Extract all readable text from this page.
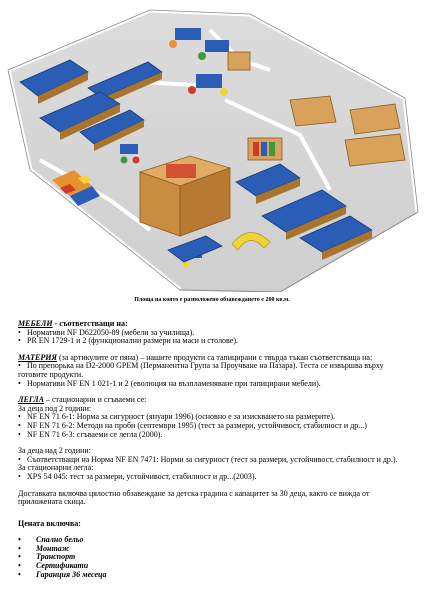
Площа на която е разположено обзавеждането е 200 кв.м.

МЕБЕЛИ - съответстващи на:

• Нормативи NF D622050-89 (мебели за училища).
• PR EN 1729-1 и 2 (функционални размери на маси и столове).

МАТЕРИЯ (за артикулите от пяна) – нашите продукти са тапицирани с твърда тъкан съответстваща на:

• По препорька на D2-2000 GPEM (Перманентна Група за Проучване на Пазара). Теста се извършва върху готовите продукти.
• Нормативи NF EN 1 021-1 и 2 (еволюция на възпламеняване при тапицирани мебели).

ЛЕГЛА – стационарни и сгъваеми се:

За деца под 2 години:

• NF EN 71 6-1: Норма за сигурност (януари 1996) (основно е за изискването на размерите).
• NF EN 71 6-2: Методи на проби (септември 1995) (тест за размери, устойчивост, стабилност и др...)
• NF EN 71 6-3: сгъваеми се легла (2000).

За деца над 2 години:

• Съответстващи на Норма NF EN 7471: Норми за сигурност (тест за размери, устойчивост, стабилност и др.).

За стационарни легла:

• XPS 54 045: тест за размери, устойчивост, стабилност и др...(2003).

Доставката включва цялостно обзавеждане за детска градина с капацитет за 30 деца, както се вижда от приложената скица.

Цената включва:

• Спално бельо
• Монтаж
• Транспорт
• Сертификати
• Гаранция 36 месеца
